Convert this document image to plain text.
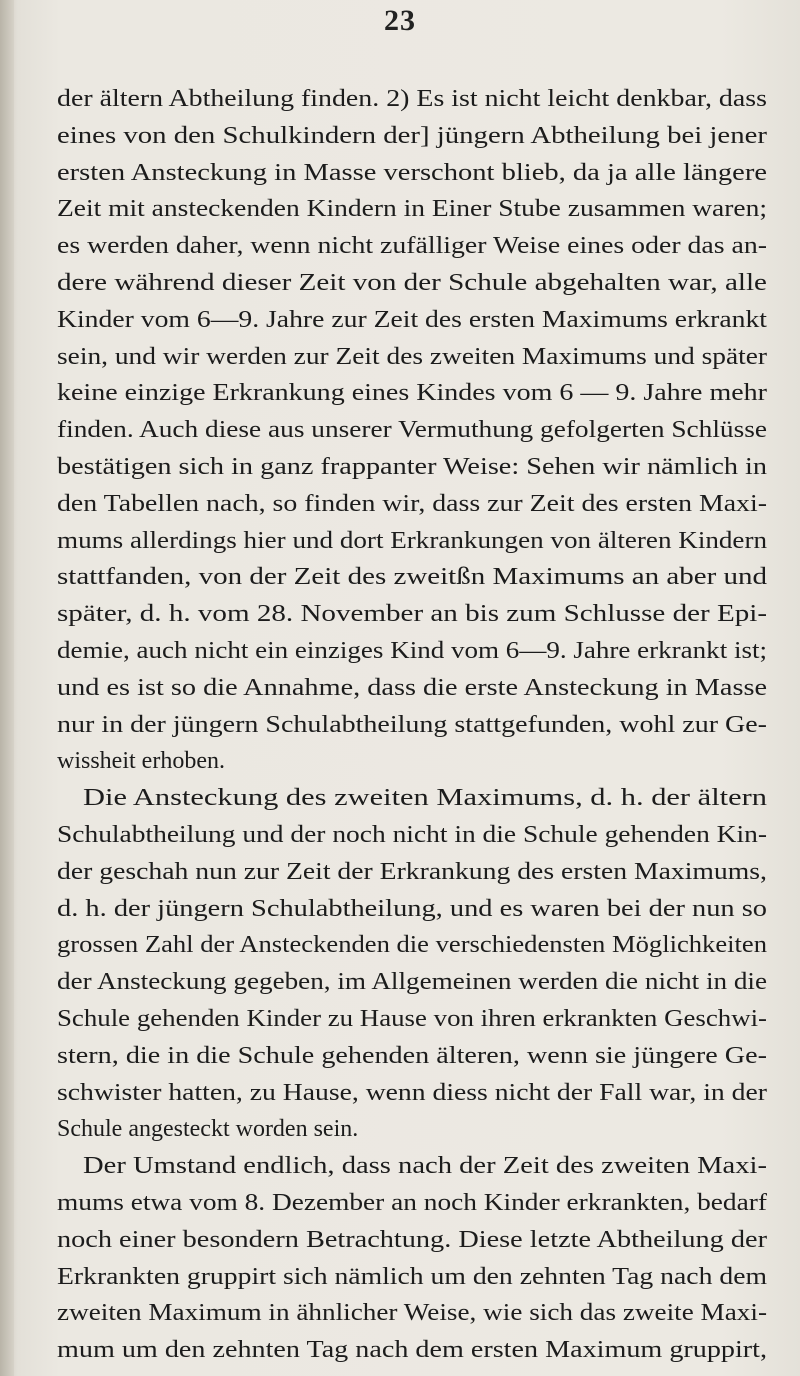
23
der ältern Abtheilung finden. 2) Es ist nicht leicht denkbar, dass
eines von den Schulkindern der] jüngern Abtheilung bei jener
ersten Ansteckung in Masse verschont blieb, da ja alle längere
Zeit mit ansteckenden Kindern in Einer Stube zusammen waren;
es werden daher, wenn nicht zufälliger Weise eines oder das an-
dere während dieser Zeit von der Schule abgehalten war, alle
Kinder vom 6—9. Jahre zur Zeit des ersten Maximums erkrankt
sein, und wir werden zur Zeit des zweiten Maximums und später
keine einzige Erkrankung eines Kindes vom 6 — 9. Jahre mehr
finden. Auch diese aus unserer Vermuthung gefolgerten Schlüsse
bestätigen sich in ganz frappanter Weise: Sehen wir nämlich in
den Tabellen nach, so finden wir, dass zur Zeit des ersten Maxi-
mums allerdings hier und dort Erkrankungen von älteren Kindern
stattfanden, von der Zeit des zweitßn Maximums an aber und
später, d. h. vom 28. November an bis zum Schlusse der Epi-
demie, auch nicht ein einziges Kind vom 6—9. Jahre erkrankt ist;
und es ist so die Annahme, dass die erste Ansteckung in Masse
nur in der jüngern Schulabtheilung stattgefunden, wohl zur Ge-
wissheit erhoben.
Die Ansteckung des zweiten Maximums, d. h. der ältern
Schulabtheilung und der noch nicht in die Schule gehenden Kin-
der geschah nun zur Zeit der Erkrankung des ersten Maximums,
d. h. der jüngern Schulabtheilung, und es waren bei der nun so
grossen Zahl der Ansteckenden die verschiedensten Möglichkeiten
der Ansteckung gegeben, im Allgemeinen werden die nicht in die
Schule gehenden Kinder zu Hause von ihren erkrankten Geschwi-
stern, die in die Schule gehenden älteren, wenn sie jüngere Ge-
schwister hatten, zu Hause, wenn diess nicht der Fall war, in der
Schule angesteckt worden sein.
Der Umstand endlich, dass nach der Zeit des zweiten Maxi-
mums etwa vom 8. Dezember an noch Kinder erkrankten, bedarf
noch einer besondern Betrachtung. Diese letzte Abtheilung der
Erkrankten gruppirt sich nämlich um den zehnten Tag nach dem
zweiten Maximum in ähnlicher Weise, wie sich das zweite Maxi-
mum um den zehnten Tag nach dem ersten Maximum gruppirt,
